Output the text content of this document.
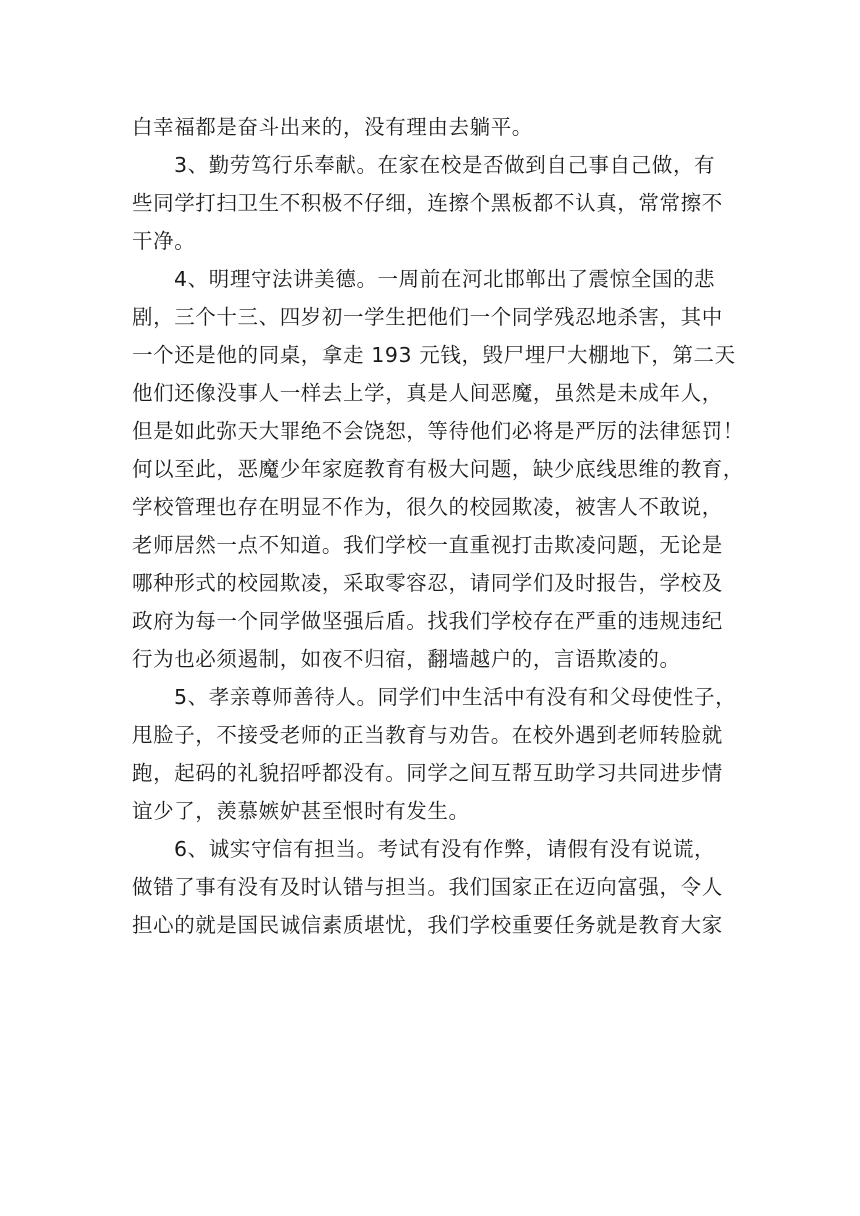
白幸福都是奋斗出来的，没有理由去躺平。
3、勤劳笃行乐奉献。在家在校是否做到自己事自己做，有
些同学打扫卫生不积极不仔细，连擦个黑板都不认真，常常擦不
干净。
4、明理守法讲美德。一周前在河北邯郸出了震惊全国的悲
剧，三个十三、四岁初一学生把他们一个同学残忍地杀害，其中
一个还是他的同桌，拿走 193 元钱，毁尸埋尸大棚地下，第二天
他们还像没事人一样去上学，真是人间恶魔，虽然是未成年人，
但是如此弥天大罪绝不会饶恕，等待他们必将是严厉的法律惩罚！
何以至此，恶魔少年家庭教育有极大问题，缺少底线思维的教育，
学校管理也存在明显不作为，很久的校园欺凌，被害人不敢说，
老师居然一点不知道。我们学校一直重视打击欺凌问题，无论是
哪种形式的校园欺凌，采取零容忍，请同学们及时报告，学校及
政府为每一个同学做坚强后盾。找我们学校存在严重的违规违纪
行为也必须遏制，如夜不归宿，翻墙越户的，言语欺凌的。
5、孝亲尊师善待人。同学们中生活中有没有和父母使性子，
甩脸子，不接受老师的正当教育与劝告。在校外遇到老师转脸就
跑，起码的礼貌招呼都没有。同学之间互帮互助学习共同进步情
谊少了，羡慕嫉妒甚至恨时有发生。
6、诚实守信有担当。考试有没有作弊，请假有没有说谎，
做错了事有没有及时认错与担当。我们国家正在迈向富强，令人
担心的就是国民诚信素质堪忧，我们学校重要任务就是教育大家
